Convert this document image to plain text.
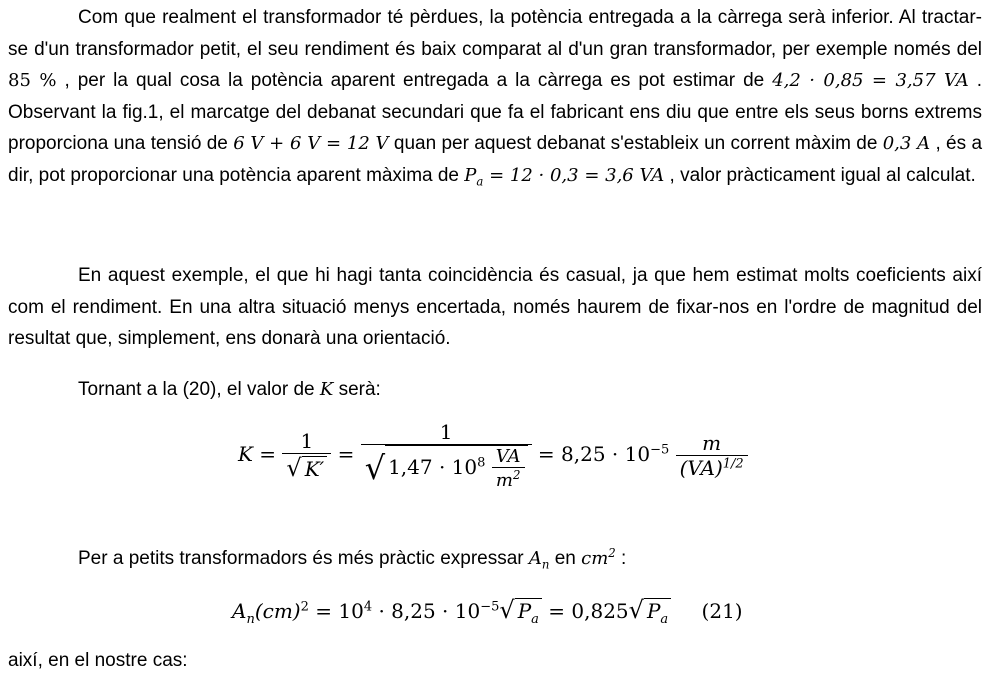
Com que realment el transformador té pèrdues, la potència entregada a la càrrega serà inferior. Al tractar-se d'un transformador petit, el seu rendiment és baix comparat al d'un gran transformador, per exemple només del 85 % , per la qual cosa la potència aparent entregada a la càrrega es pot estimar de 4,2 · 0,85 = 3,57 VA . Observant la fig.1, el marcatge del debanat secundari que fa el fabricant ens diu que entre els seus borns extrems proporciona una tensió de 6 V + 6 V = 12 V quan per aquest debanat s'estableix un corrent màxim de 0,3 A , és a dir, pot proporcionar una potència aparent màxima de $P_a = 12 \cdot 0,3 = 3,6$ VA , valor pràcticament igual al calculat.

En aquest exemple, el que hi hagi tanta coincidència és casual, ja que hem estimat molts coeficients així com el rendiment. En una altra situació menys encertada, només haurem de fixar-nos en l'ordre de magnitud del resultat que, simplement, ens donarà una orientació.

Tornant a la (20), el valor de K serà:

$K = \frac{1}{√ K'} = \frac{1}{√ 1,47 \cdot 10^8 \frac{VA}{m^2}} = 8,25 \cdot 10^{-5} \frac{m}{(VA)^{1/2}}$

Per a petits transformadors és més pràctic expressar $A_n$ en $cm^2$ :

$A_n(cm)^2 = 10^4 \cdot 8,25 \cdot 10^{-5}√$ $P_a = 0,825√$ $P_a$ (21)

així, en el nostre cas:
